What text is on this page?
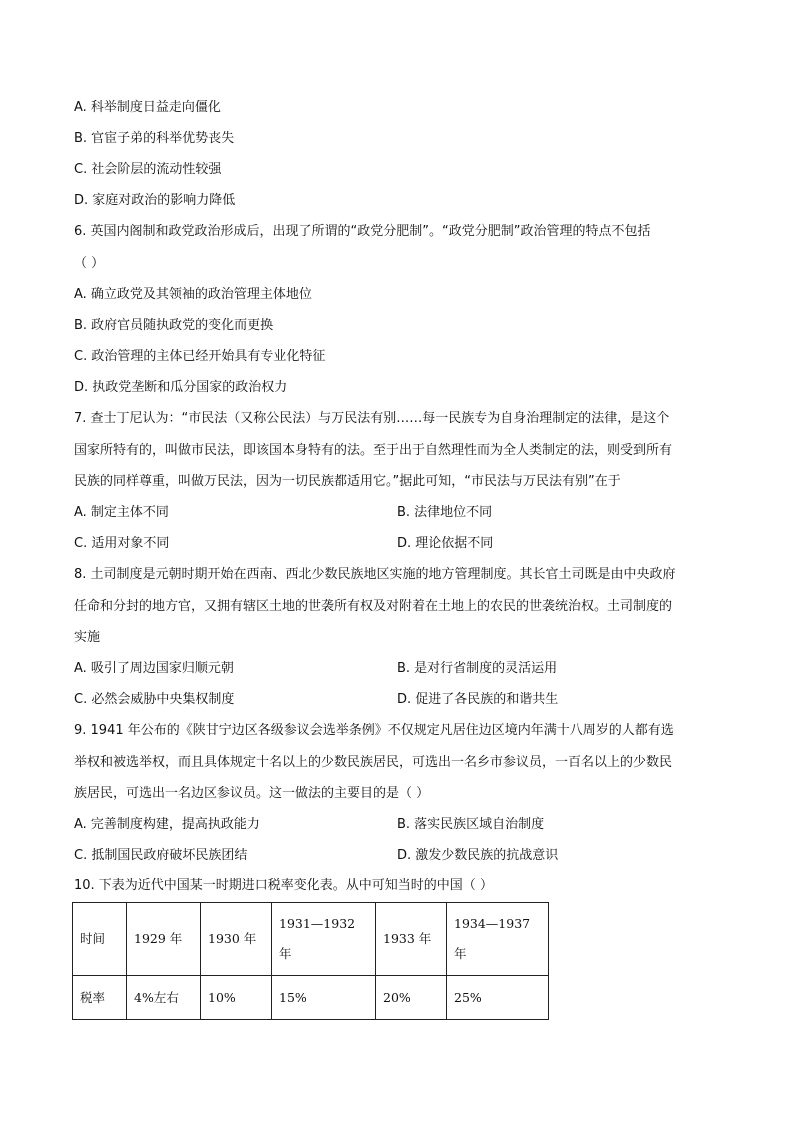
A. 科举制度日益走向僵化
B. 官宦子弟的科举优势丧失
C. 社会阶层的流动性较强
D. 家庭对政治的影响力降低
6. 英国内阁制和政党政治形成后，出现了所谓的“政党分肥制”。“政党分肥制”政治管理的特点不包括
（ ）
A. 确立政党及其领袖的政治管理主体地位
B. 政府官员随执政党的变化而更换
C. 政治管理的主体已经开始具有专业化特征
D. 执政党垄断和瓜分国家的政治权力
7. 查士丁尼认为：“市民法（又称公民法）与万民法有别……每一民族专为自身治理制定的法律，是这个
国家所特有的，叫做市民法，即该国本身特有的法。至于出于自然理性而为全人类制定的法，则受到所有
民族的同样尊重，叫做万民法，因为一切民族都适用它。”据此可知，“市民法与万民法有别”在于
A. 制定主体不同	B. 法律地位不同
C. 适用对象不同	D. 理论依据不同
8. 土司制度是元朝时期开始在西南、西北少数民族地区实施的地方管理制度。其长官土司既是由中央政府
任命和分封的地方官，又拥有辖区土地的世袭所有权及对附着在土地上的农民的世袭统治权。土司制度的
实施
A. 吸引了周边国家归顺元朝	B. 是对行省制度的灵活运用
C. 必然会威胁中央集权制度	D. 促进了各民族的和谐共生
9. 1941 年公布的《陕甘宁边区各级参议会选举条例》不仅规定凡居住边区境内年满十八周岁的人都有选
举权和被选举权，而且具体规定十名以上的少数民族居民，可选出一名乡市参议员，一百名以上的少数民
族居民，可选出一名边区参议员。这一做法的主要目的是（ ）
A. 完善制度构建，提高执政能力	B. 落实民族区域自治制度
C. 抵制国民政府破坏民族团结	D. 激发少数民族的抗战意识
10. 下表为近代中国某一时期进口税率变化表。从中可知当时的中国（ ）
时间	1929 年	1930 年	1931—1932 年	1933 年	1934—1937 年
税率	4%左右	10%	15%	20%	25%
